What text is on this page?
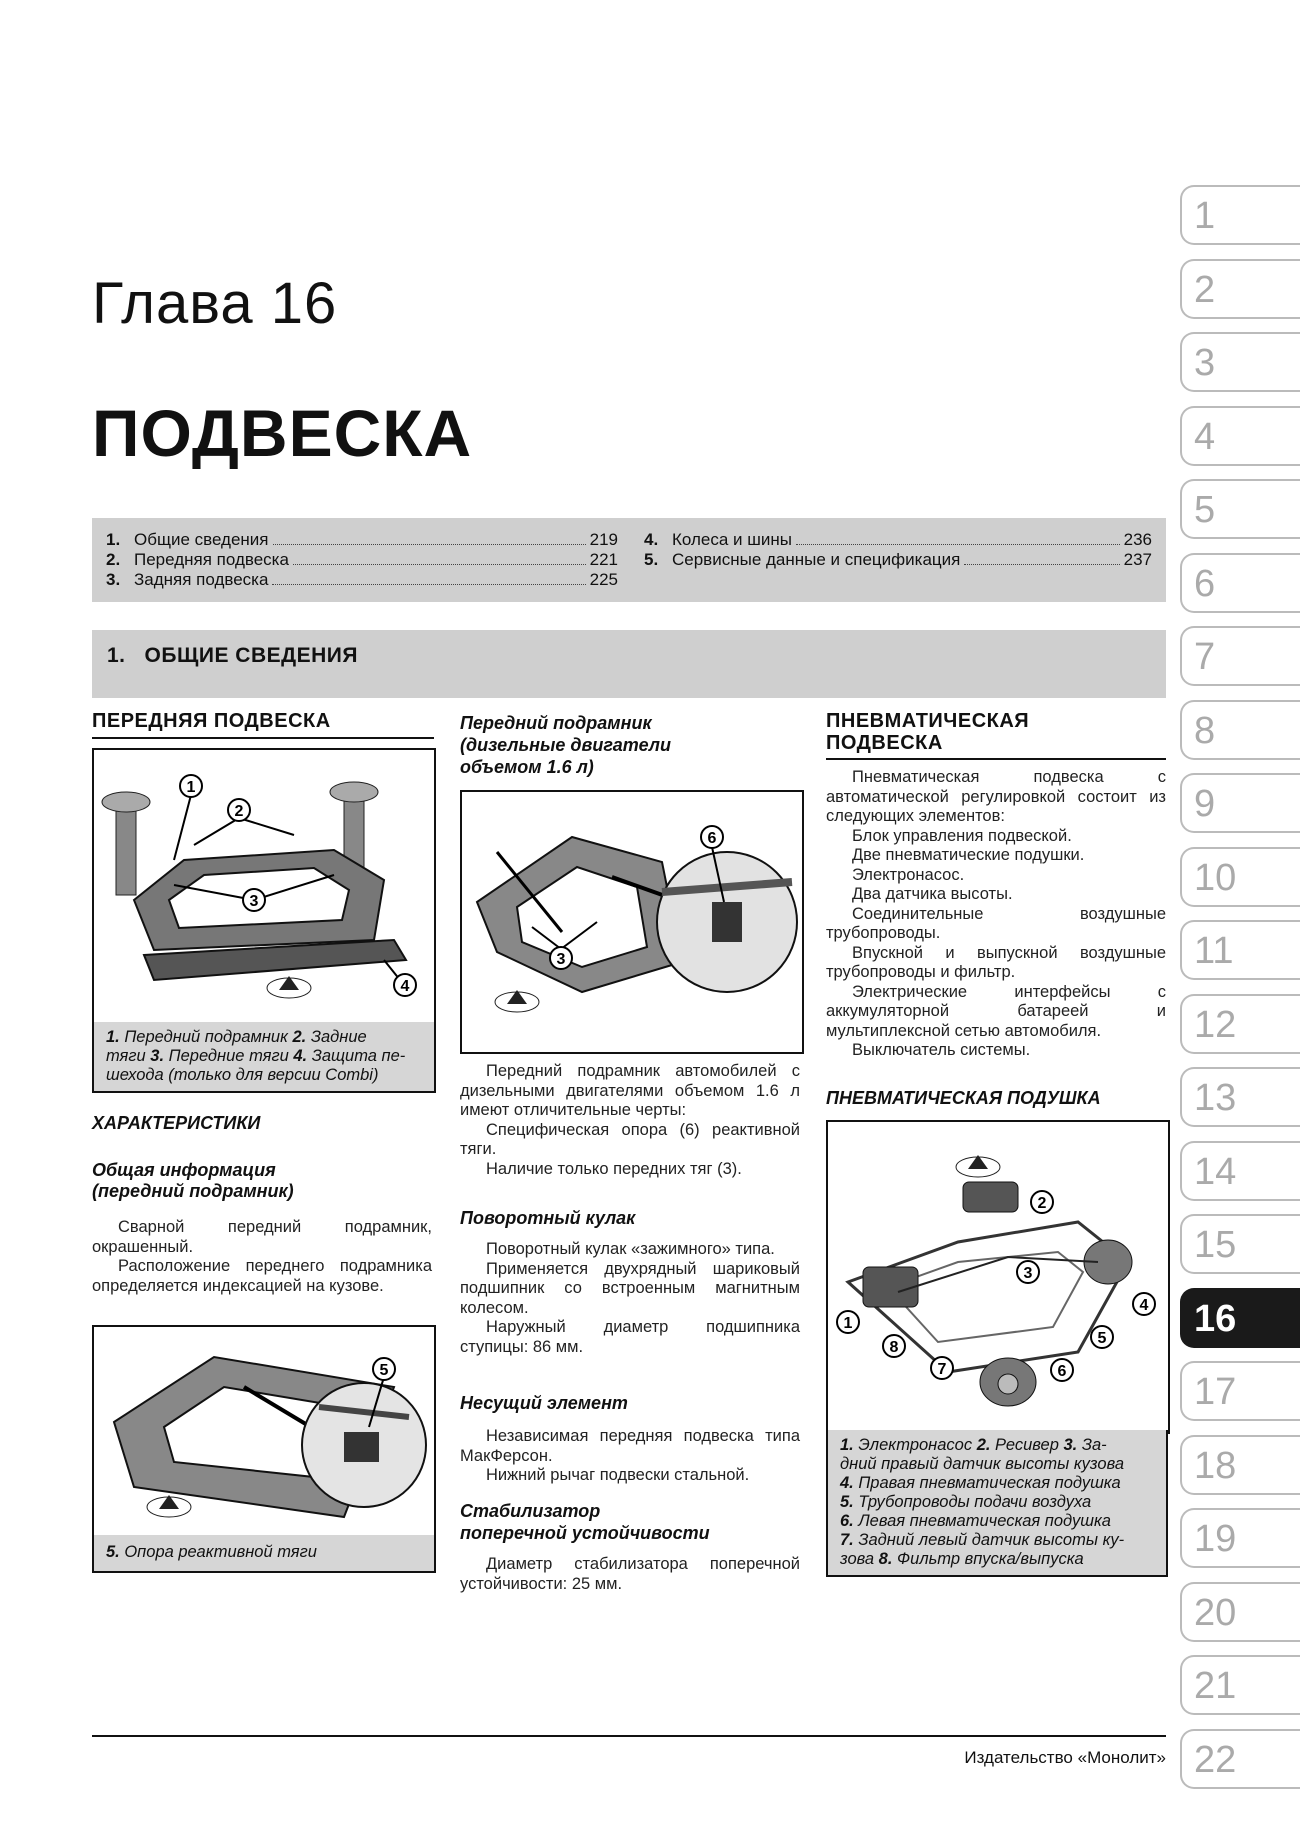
Глава 16
ПОДВЕСКА
1. Общие сведения	219
2. Передняя подвеска	221
3. Задняя подвеска	225
4. Колеса и шины	236
5. Сервисные данные и спецификация	237
1.   ОБЩИЕ СВЕДЕНИЯ
1
2
3
4
5
6
7
8
9
10
11
12
13
14
15
16
17
18
19
20
21
22
ПЕРЕДНЯЯ ПОДВЕСКА
1
2
3
4
1. Передний подрамник 2. Задние
тяги 3. Передние тяги 4. Защита пе-
шехода (только для версии Combi)
ХАРАКТЕРИСТИКИ
Общая информация
(передний подрамник)

Сварной передний подрамник, окрашенный.

Расположение переднего подрамника определяется индексацией на кузове.

5
5. Опора реактивной тяги
Передний подрамник
(дизельные двигатели
объемом 1.6 л)
6
3

Передний подрамник автомобилей с дизельными двигателями объемом 1.6 л имеют отличительные черты:

Специфическая опора (6) реактивной тяги.

Наличие только передних тяг (3).

Поворотный кулак

Поворотный кулак «зажимного» типа.

Применяется двухрядный шариковый подшипник со встроенным магнитным колесом.

Наружный диаметр подшипника ступицы: 86 мм.

Несущий элемент

Независимая передняя подвеска типа МакФерсон.

Нижний рычаг подвески стальной.

Стабилизатор
поперечной устойчивости

Диаметр стабилизатора поперечной устойчивости: 25 мм.

ПНЕВМАТИЧЕСКАЯ
ПОДВЕСКА

Пневматическая подвеска с автоматической регулировкой состоит из следующих элементов:

Блок управления подвеской.

Две пневматические подушки.

Электронасос.

Два датчика высоты.

Соединительные воздушные трубопроводы.

Впускной и выпускной воздушные трубопроводы и фильтр.

Электрические интерфейсы с аккумуляторной батареей и мультиплексной сетью автомобиля.

Выключатель системы.

ПНЕВМАТИЧЕСКАЯ ПОДУШКА
1
2
3
4
5
6
7
8
1. Электронасос 2. Ресивер 3. За-
дний правый датчик высоты кузова
4. Правая пневматическая подушка
5. Трубопроводы подачи воздуха
6. Левая пневматическая подушка
7. Задний левый датчик высоты ку-
зова 8. Фильтр впуска/выпуска
Издательство «Монолит»
